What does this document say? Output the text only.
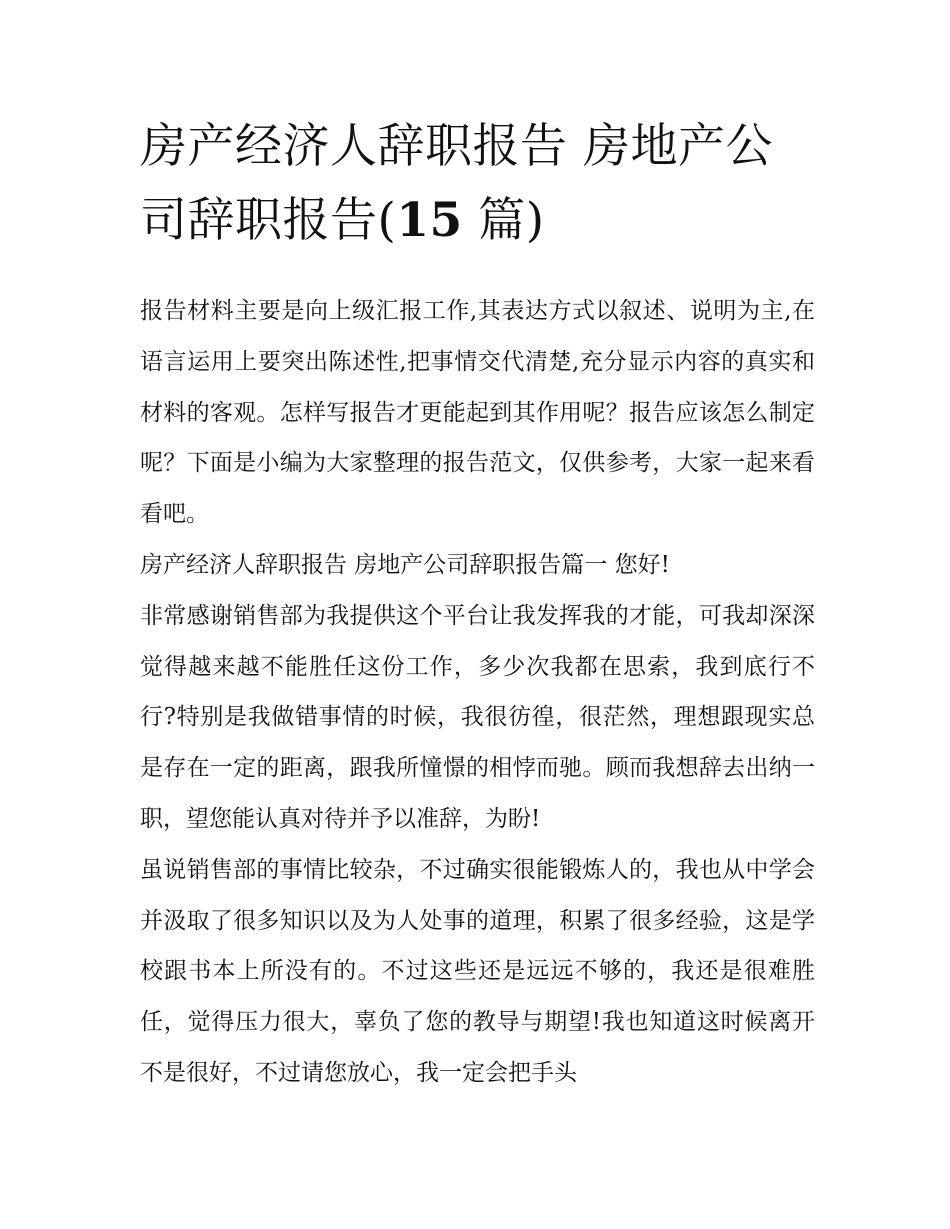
房产经济人辞职报告 房地产公司辞职报告(15 篇)

报告材料主要是向上级汇报工作,其表达方式以叙述、说明为主,在语言运用上要突出陈述性,把事情交代清楚,充分显示内容的真实和材料的客观。怎样写报告才更能起到其作用呢？报告应该怎么制定呢？下面是小编为大家整理的报告范文，仅供参考，大家一起来看看吧。

房产经济人辞职报告 房地产公司辞职报告篇一 您好!

非常感谢销售部为我提供这个平台让我发挥我的才能，可我却深深觉得越来越不能胜任这份工作，多少次我都在思索，我到底行不行?特别是我做错事情的时候，我很彷徨，很茫然，理想跟现实总是存在一定的距离，跟我所憧憬的相悖而驰。顾而我想辞去出纳一职，望您能认真对待并予以准辞，为盼!

虽说销售部的事情比较杂，不过确实很能锻炼人的，我也从中学会并汲取了很多知识以及为人处事的道理，积累了很多经验，这是学校跟书本上所没有的。不过这些还是远远不够的，我还是很难胜任，觉得压力很大，辜负了您的教导与期望!我也知道这时候离开不是很好，不过请您放心，我一定会把手头
